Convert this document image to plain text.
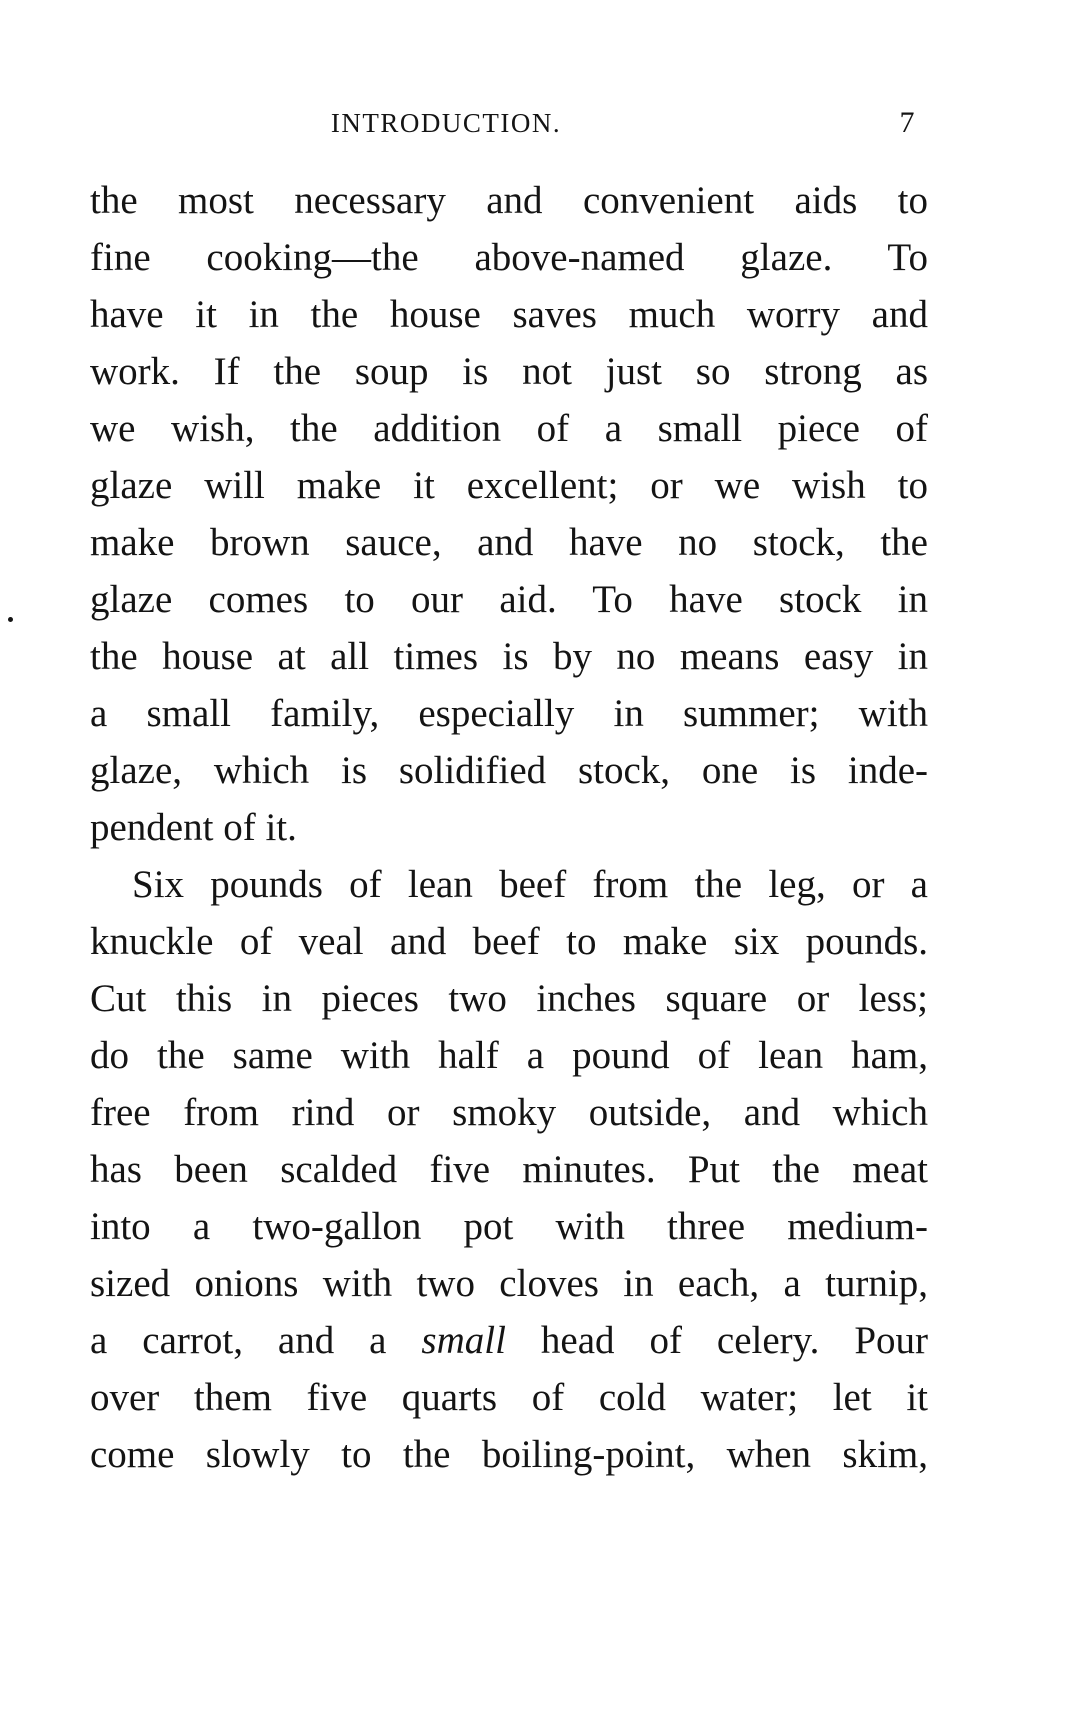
INTRODUCTION.	7
the most necessary and convenient aids to
fine cooking—the above-named glaze. To
have it in the house saves much worry and
work. If the soup is not just so strong as
we wish, the addition of a small piece of
glaze will make it excellent; or we wish to
make brown sauce, and have no stock, the
glaze comes to our aid. To have stock in
the house at all times is by no means easy in
a small family, especially in summer; with
glaze, which is solidified stock, one is inde-
pendent of it.
Six pounds of lean beef from the leg, or a
knuckle of veal and beef to make six pounds.
Cut this in pieces two inches square or less;
do the same with half a pound of lean ham,
free from rind or smoky outside, and which
has been scalded five minutes. Put the meat
into a two-gallon pot with three medium-
sized onions with two cloves in each, a turnip,
a carrot, and a small head of celery. Pour
over them five quarts of cold water; let it
come slowly to the boiling-point, when skim,
